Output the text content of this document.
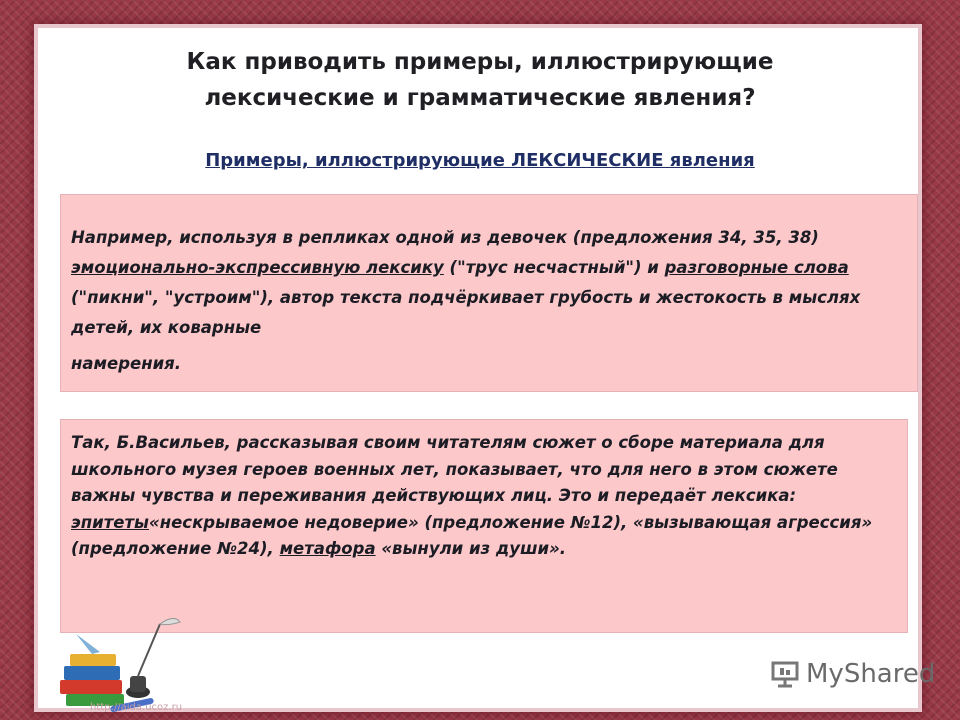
Как приводить примеры, иллюстрирующие
лексические и грамматические явления?
Примеры, иллюстрирующие ЛЕКСИЧЕСКИЕ явления
Например, используя в репликах одной из девочек (предложения 34, 35, 38) эмоционально-экспрессивную лексику ("трус несчастный") и разговорные слова ("пикни", "устроим"), автор текста подчёркивает грубость и жестокость в мыслях детей, их коварные
намерения.
Так, Б.Васильев, рассказывая своим читателям сюжет о сборе материала для школьного музея героев военных лет, показывает, что для него в этом сюжете важны чувства и переживания действующих лиц. Это и передаёт лексика: эпитеты«нескрываемое недоверие» (предложение №12), «вызывающая агрессия» (предложение №24), метафора «вынули из души».
MyShared
http://aida.ucoz.ru
